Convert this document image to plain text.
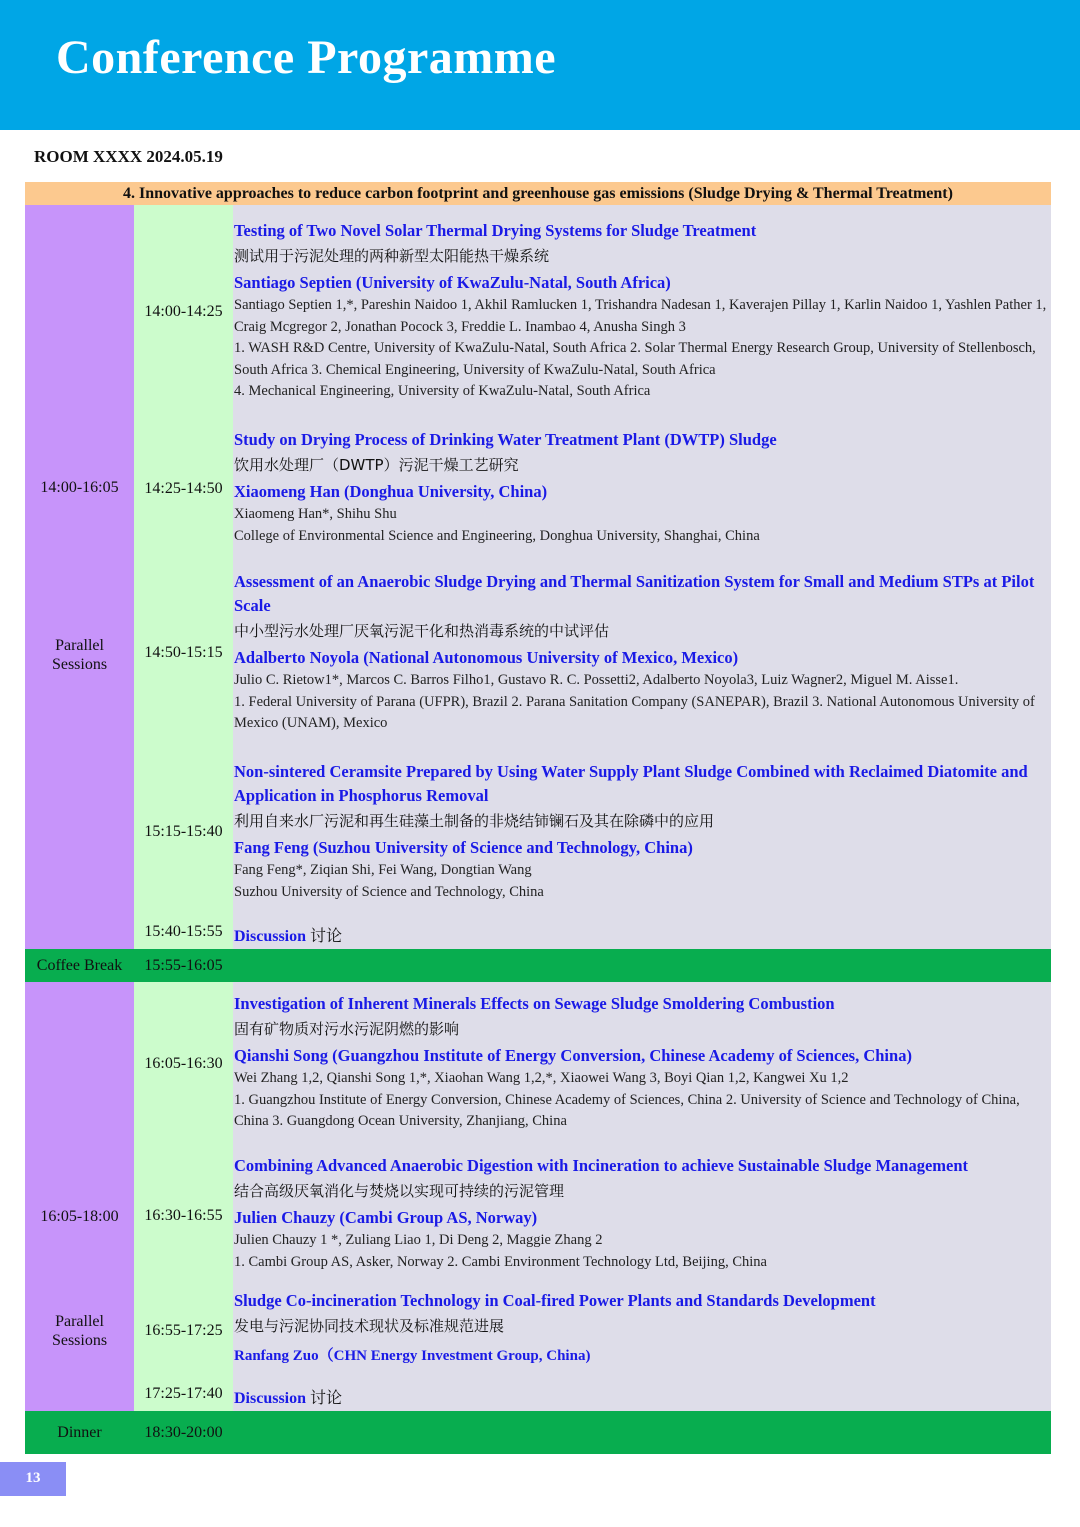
Conference Programme
ROOM XXXX 2024.05.19
4. Innovative approaches to reduce carbon footprint and greenhouse gas emissions (Sludge Drying & Thermal Treatment)
14:00-16:05
Parallel
Sessions
14:00-14:25
Testing of Two Novel Solar Thermal Drying Systems for Sludge Treatment
测试用于污泥处理的两种新型太阳能热干燥系统
Santiago Septien (University of KwaZulu-Natal, South Africa)
Santiago Septien 1,*, Pareshin Naidoo 1, Akhil Ramlucken 1, Trishandra Nadesan 1, Kaverajen Pillay 1, Karlin Naidoo 1, Yashlen Pather 1, Craig Mcgregor 2, Jonathan Pocock 3, Freddie L. Inambao 4, Anusha Singh 3
1. WASH R&D Centre, University of KwaZulu-Natal, South Africa 2. Solar Thermal Energy Research Group, University of Stellenbosch, South Africa 3. Chemical Engineering, University of KwaZulu-Natal, South Africa
4. Mechanical Engineering, University of KwaZulu-Natal, South Africa
14:25-14:50
Study on Drying Process of Drinking Water Treatment Plant (DWTP) Sludge
饮用水处理厂（DWTP）污泥干燥工艺研究
Xiaomeng Han (Donghua University, China)
Xiaomeng Han*, Shihu Shu
College of Environmental Science and Engineering, Donghua University, Shanghai, China
14:50-15:15
Assessment of an Anaerobic Sludge Drying and Thermal Sanitization System for Small and Medium STPs at Pilot Scale
中小型污水处理厂厌氧污泥干化和热消毒系统的中试评估
Adalberto Noyola (National Autonomous University of Mexico, Mexico)
Julio C. Rietow1*, Marcos C. Barros Filho1, Gustavo R. C. Possetti2, Adalberto Noyola3, Luiz Wagner2, Miguel M. Aisse1.
1. Federal University of Parana (UFPR), Brazil 2. Parana Sanitation Company (SANEPAR), Brazil 3. National Autonomous University of Mexico (UNAM), Mexico
15:15-15:40
Non-sintered Ceramsite Prepared by Using Water Supply Plant Sludge Combined with Reclaimed Diatomite and Application in Phosphorus Removal
利用自来水厂污泥和再生硅藻土制备的非烧结铈镧石及其在除磷中的应用
Fang Feng (Suzhou University of Science and Technology, China)
Fang Feng*, Ziqian Shi, Fei Wang, Dongtian Wang
Suzhou University of Science and Technology, China
15:40-15:55 Discussion 讨论
Coffee Break	15:55-16:05
16:05-18:00
Parallel
Sessions
16:05-16:30
Investigation of Inherent Minerals Effects on Sewage Sludge Smoldering Combustion
固有矿物质对污水污泥阴燃的影响
Qianshi Song (Guangzhou Institute of Energy Conversion, Chinese Academy of Sciences, China)
Wei Zhang 1,2, Qianshi Song 1,*, Xiaohan Wang 1,2,*, Xiaowei Wang 3, Boyi Qian 1,2, Kangwei Xu 1,2
1. Guangzhou Institute of Energy Conversion, Chinese Academy of Sciences, China 2. University of Science and Technology of China, China 3. Guangdong Ocean University, Zhanjiang, China
16:30-16:55
Combining Advanced Anaerobic Digestion with Incineration to achieve Sustainable Sludge Management
结合高级厌氧消化与焚烧以实现可持续的污泥管理
Julien Chauzy (Cambi Group AS, Norway)
Julien Chauzy 1 *, Zuliang Liao 1, Di Deng 2, Maggie Zhang 2
1. Cambi Group AS, Asker, Norway 2. Cambi Environment Technology Ltd, Beijing, China
16:55-17:25
Sludge Co-incineration Technology in Coal-fired Power Plants and Standards Development
发电与污泥协同技术现状及标准规范进展
Ranfang Zuo（CHN Energy Investment Group, China)
17:25-17:40 Discussion 讨论
Dinner	18:30-20:00
13
